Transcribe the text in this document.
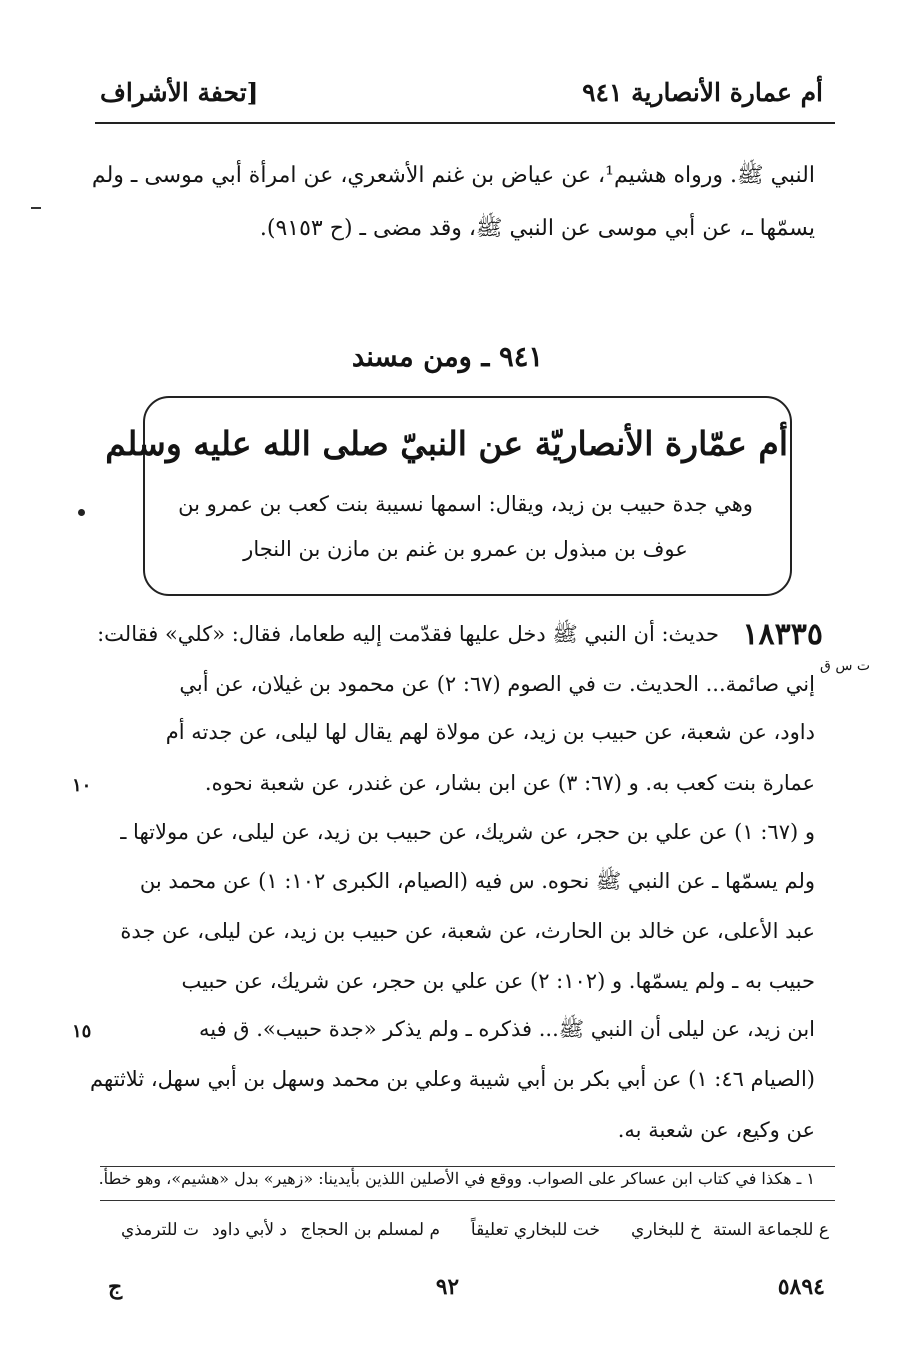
أم عمارة الأنصارية ٩٤١
[تحفة الأشراف
النبي ﷺ. ورواه هشيم¹، عن عياض بن غنم الأشعري، عن امرأة أبي موسى ـ ولم
يسمّها ـ، عن أبي موسى عن النبي ﷺ، وقد مضى ـ (ح ٩١٥٣).
٩٤١ ـ ومن مسند
أم عمّارة الأنصاريّة عن النبيّ صلى الله عليه وسلم
وهي جدة حبيب بن زيد، ويقال: اسمها نسيبة بنت كعب بن عمرو بن
عوف بن مبذول بن عمرو بن غنم بن مازن بن النجار
١٨٣٣٥
ت س ق
حديث: أن النبي ﷺ دخل عليها فقدّمت إليه طعاما، فقال: «كلي» فقالت:
إني صائمة... الحديث. ت في الصوم (٦٧: ٢) عن محمود بن غيلان، عن أبي
داود، عن شعبة، عن حبيب بن زيد، عن مولاة لهم يقال لها ليلى، عن جدته أم
عمارة بنت كعب به. و (٦٧: ٣) عن ابن بشار، عن غندر، عن شعبة نحوه.
و (٦٧: ١) عن علي بن حجر، عن شريك، عن حبيب بن زيد، عن ليلى، عن مولاتها ـ
ولم يسمّها ـ عن النبي ﷺ نحوه. س فيه (الصيام، الكبرى ١٠٢: ١) عن محمد بن
عبد الأعلى، عن خالد بن الحارث، عن شعبة، عن حبيب بن زيد، عن ليلى، عن جدة
حبيب به ـ ولم يسمّها. و (١٠٢: ٢) عن علي بن حجر، عن شريك، عن حبيب
ابن زيد، عن ليلى أن النبي ﷺ... فذكره ـ ولم يذكر «جدة حبيب». ق فيه
(الصيام ٤٦: ١) عن أبي بكر بن أبي شيبة وعلي بن محمد وسهل بن أبي سهل، ثلاثتهم
عن وكيع، عن شعبة به.
١٠
١٥
١ ـ هكذا في كتاب ابن عساكر على الصواب. ووقع في الأصلين اللذين بأيدينا: «زهير» بدل «هشيم»، وهو خطأ.
ع للجماعة الستة
خ للبخاري
خت للبخاري تعليقاً
م لمسلم بن الحجاج
د لأبي داود
ت للترمذي
٥٨٩٤
٩٢
ج
